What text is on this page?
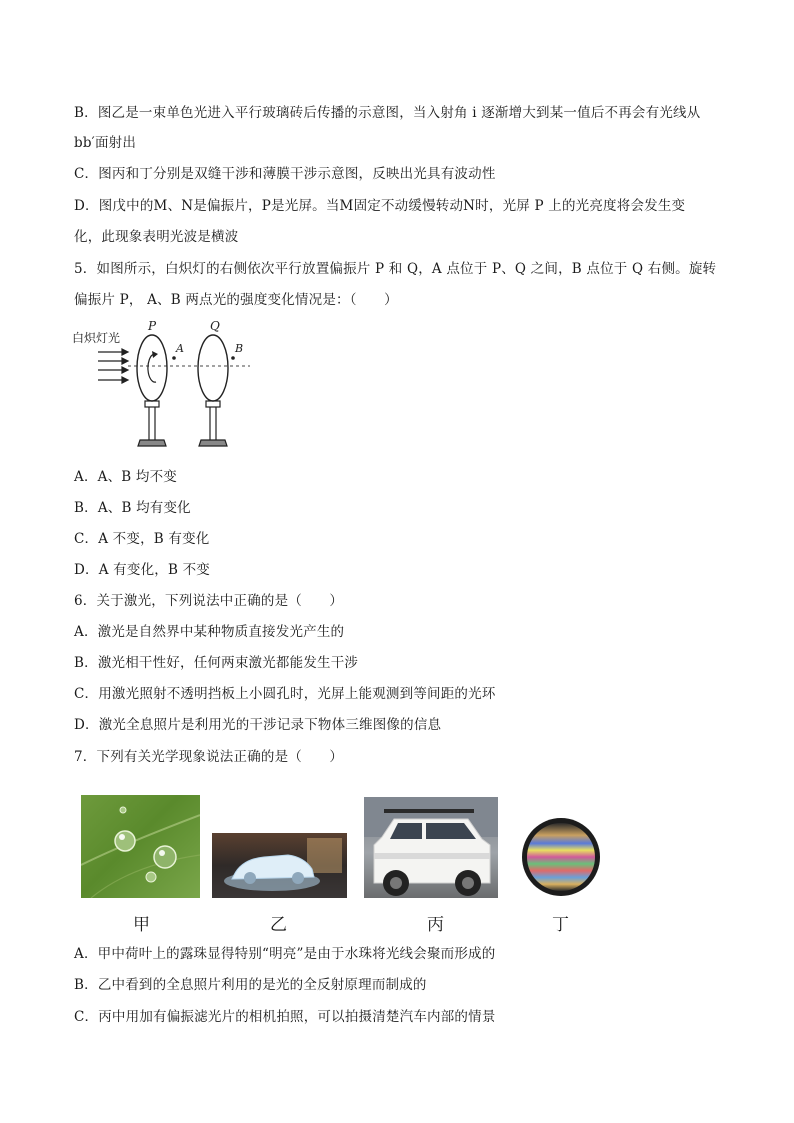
B．图乙是一束单色光进入平行玻璃砖后传播的示意图，当入射角 i 逐渐增大到某一值后不再会有光线从
bb′面射出
C．图丙和丁分别是双缝干涉和薄膜干涉示意图，反映出光具有波动性
D．图戊中的M、N是偏振片，P是光屏。当M固定不动缓慢转动N时，光屏 P 上的光亮度将会发生变
化，此现象表明光波是横波
5．如图所示，白炽灯的右侧依次平行放置偏振片 P 和 Q，A 点位于 P、Q 之间，B 点位于 Q 右侧。旋转
偏振片 P， A、B 两点光的强度变化情况是：（　　）
白炽灯光
P	Q
A	B
A．A、B 均不变
B．A、B 均有变化
C．A 不变，B 有变化
D．A 有变化，B 不变
6．关于激光，下列说法中正确的是（　　）
A．激光是自然界中某种物质直接发光产生的
B．激光相干性好，任何两束激光都能发生干涉
C．用激光照射不透明挡板上小圆孔时，光屏上能观测到等间距的光环
D．激光全息照片是利用光的干涉记录下物体三维图像的信息
7．下列有关光学现象说法正确的是（　　）
甲	乙	丙	丁
A．甲中荷叶上的露珠显得特别“明亮”是由于水珠将光线会聚而形成的
B．乙中看到的全息照片利用的是光的全反射原理而制成的
C．丙中用加有偏振滤光片的相机拍照，可以拍摄清楚汽车内部的情景
